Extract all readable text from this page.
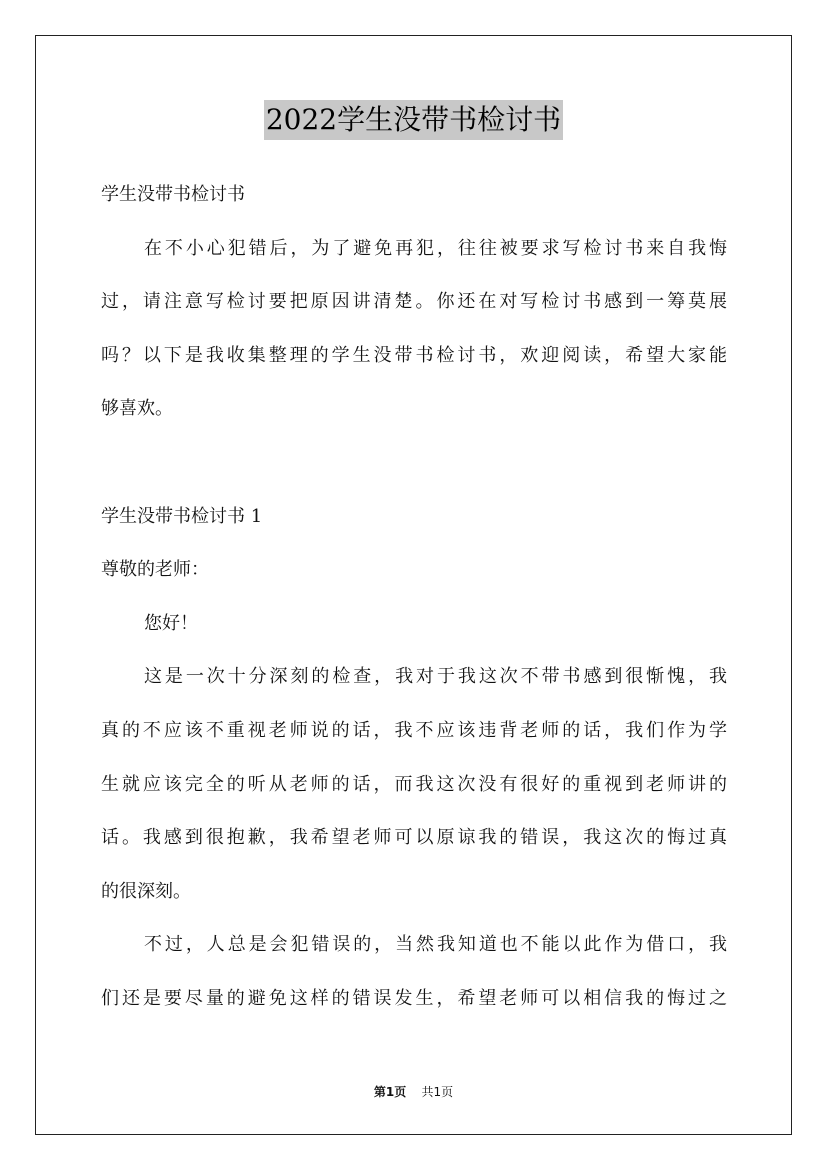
2022学生没带书检讨书
学生没带书检讨书
在不小心犯错后，为了避免再犯，往往被要求写检讨书来自我悔
过，请注意写检讨要把原因讲清楚。你还在对写检讨书感到一筹莫展
吗？以下是我收集整理的学生没带书检讨书，欢迎阅读，希望大家能
够喜欢。
学生没带书检讨书 1
尊敬的老师：
您好！
这是一次十分深刻的检查，我对于我这次不带书感到很惭愧，我
真的不应该不重视老师说的话，我不应该违背老师的话，我们作为学
生就应该完全的听从老师的话，而我这次没有很好的重视到老师讲的
话。我感到很抱歉，我希望老师可以原谅我的错误，我这次的悔过真
的很深刻。
不过，人总是会犯错误的，当然我知道也不能以此作为借口，我
们还是要尽量的避免这样的错误发生，希望老师可以相信我的悔过之
第1页 共1页
